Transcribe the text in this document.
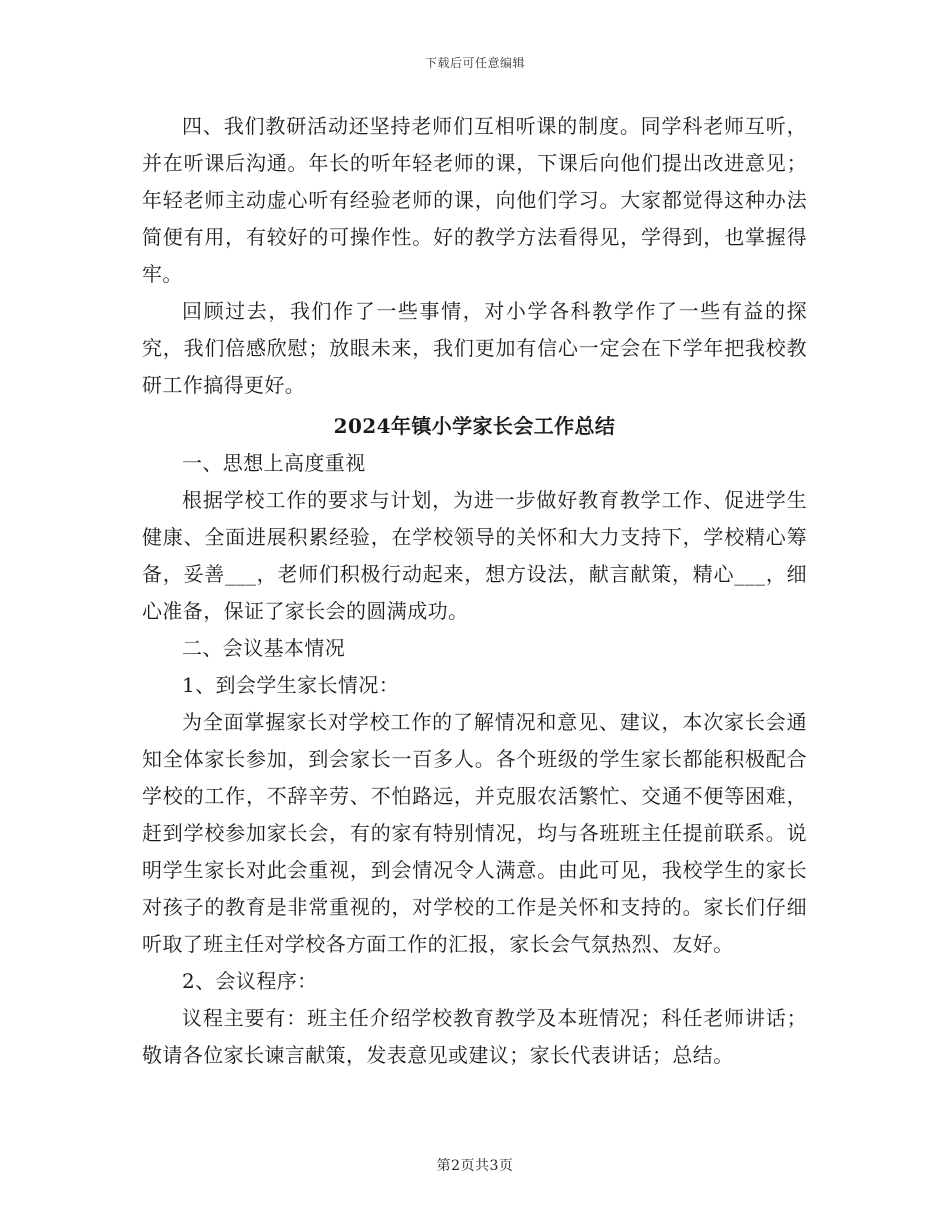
下载后可任意编辑

四、我们教研活动还坚持老师们互相听课的制度。同学科老师互听，并在听课后沟通。年长的听年轻老师的课，下课后向他们提出改进意见；年轻老师主动虚心听有经验老师的课，向他们学习。大家都觉得这种办法简便有用，有较好的可操作性。好的教学方法看得见，学得到，也掌握得牢。

回顾过去，我们作了一些事情，对小学各科教学作了一些有益的探究，我们倍感欣慰；放眼未来，我们更加有信心一定会在下学年把我校教研工作搞得更好。

2024年镇小学家长会工作总结

一、思想上高度重视

根据学校工作的要求与计划，为进一步做好教育教学工作、促进学生健康、全面进展积累经验，在学校领导的关怀和大力支持下，学校精心筹备，妥善___，老师们积极行动起来，想方设法，献言献策，精心___，细心准备，保证了家长会的圆满成功。

二、会议基本情况

1、到会学生家长情况：

为全面掌握家长对学校工作的了解情况和意见、建议，本次家长会通知全体家长参加，到会家长一百多人。各个班级的学生家长都能积极配合学校的工作，不辞辛劳、不怕路远，并克服农活繁忙、交通不便等困难，赶到学校参加家长会，有的家有特别情况，均与各班班主任提前联系。说明学生家长对此会重视，到会情况令人满意。由此可见，我校学生的家长对孩子的教育是非常重视的，对学校的工作是关怀和支持的。家长们仔细听取了班主任对学校各方面工作的汇报，家长会气氛热烈、友好。

2、会议程序：

议程主要有：班主任介绍学校教育教学及本班情况；科任老师讲话；敬请各位家长谏言献策，发表意见或建议；家长代表讲话；总结。

第2页共3页
